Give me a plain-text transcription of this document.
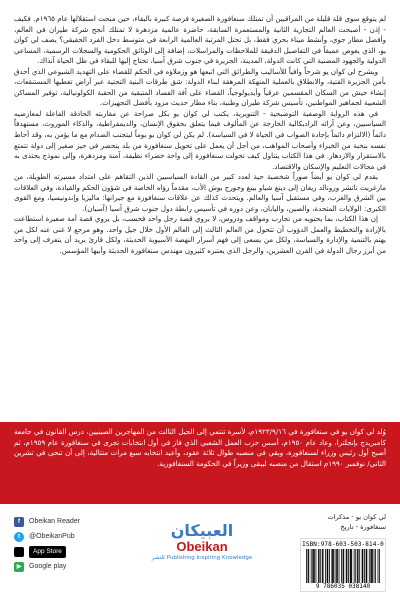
لم يتوقع سوى قلة قليلة من المراقبين أن تمتلك سنغافورة الصغيرة فرصة كبيرة بالبقاء، حين منحت استقلالها عام ١٩٦٥م. فكيف - إذن - أصبحت العالم التجارية الثانية والمستعمرة السابقة، حاضرة عالمية مزدهرة لا تمتلك أنجح شركة طيران في العالم، وأفضل مطار جوي، وأنشط ميناء بحري فقط، بل تحتل المرتبة العالمية الرابعة في متوسط دخل الفرد الحقيقي؟ يصف لي كوان يو، الذي يغوص عميقاً في التفاصيل الدقيقة للملاحظات والمراسلات، إضافة إلى الوثائق الحكومية والسجلات الرسمية، المساعي الدولية والجهود المضنية التي كانت الدولة، المدينة، الجزيرة في جنوب شرق آسيا، تحتاج إليها للبقاء في ظل الحياة آنذاك.

ويشرح لي كوان يو شرحاً وافياً للأساليب والطرائق التي اتبعها هو وزملاؤه في الحكم للقضاء على التهديد الشيوعي الذي أحدق بأمن الجزيرة الفتية، والانطلاق بالعملية المنهكة المرهقة لبناء الدولة: شق طرقات البنية التحتية عبر أراض تغطيها المستنقعات، إنشاء جيش من السكان المقسمين عرقياً وأيديولوجياً، القضاء على آفة الفساد المتبقية من الحقبة الكولونيالية، توفير المساكن الشعبية لجماهير المواطنين، تأسيس شركة طيران وطنية، بناء مطار حديث مزود بأفضل التجهيزات.

في هذه الرواية الوصفية التوضيحية - التنويرية، يكتب لي كوان يو بكل صراحة عن مقاربته الحاذقة الفاعلة لمعارضيه السياسيين، وعن آرائه الراديكالية الخارجة عن المألوف فيما يتعلق بحقوق الإنسان، والديمقراطية، والذكاء الموروث، مستهدفاً دائماً (الالتزام دائماً بإجادة الصواب في الحياة لا في السياسة). لم يكن لي كوان يو يوماً ليتجنب الصدام مع ما يؤمن به، وقد أحاط نفسه بنخبة من الخبراء وأصحاب المواهب، من أجل أن يعمل على تحويل سنغافورة من بلد ينحصر في حيز صغير إلى دولة تتمتع بالاستقرار والازدهار. في هذا الكتاب يتناول كيف تحولت سنغافورة إلى واحة خضراء نظيفة، آمنة ومزدهرة، وإلى نموذج يحتذى به في مجالات التعليم والإسكان والاقتصاد.

يقدم لي كوان يو أيضاً صوراً شخصية حية لعدد كبير من القادة السياسيين الذين التقاهم على امتداد مسيرته الطويلة، من مارغريت تاتشر ورونالد ريغان إلى دينغ شياو بينغ وجورج بوش الأب، مقدماً رؤاه الخاصة في شؤون الحكم والقيادة، وفي العلاقات بين الشرق والغرب، وفي مستقبل آسيا والعالم. ويتحدث كذلك عن علاقات سنغافورة مع جيرانها: ماليزيا وإندونيسيا، ومع القوى الكبرى: الولايات المتحدة، والصين، واليابان، وعن دوره في تأسيس رابطة دول جنوب شرق آسيا (آسيان).

إن هذا الكتاب، بما يحتويه من تجارب ومواقف ودروس، لا يروي قصة رجل واحد فحسب، بل يروي قصة أمة صغيرة استطاعت بالإرادة والتخطيط والعمل الدؤوب أن تتحول من العالم الثالث إلى العالم الأول خلال جيل واحد. وهو مرجع لا غنى عنه لكل من يهتم بالتنمية والإدارة والسياسة، ولكل من يسعى إلى فهم أسرار النهضة الآسيوية الحديثة، ولكل قارئ يريد أن يتعرف إلى واحد من أبرز رجال الدولة في القرن العشرين، والرجل الذي يعتبره كثيرون مهندس سنغافورة الحديثة وأبيها المؤسس.

وُلد لي كوان يو في سنغافورة في ١٩٢٣/٩/١٦م، لأسرة تنتمي إلى الجيل الثالث من المهاجرين الصينيين، درس القانون في جامعة كامبريدج بإنجلترا، وعاد عام ١٩٥٠م، أسس حزب العمل الشعبي الذي فاز في أول انتخابات تجرى في سنغافورة عام ١٩٥٩م، ثم أصبح أول رئيس وزراء لسنغافورة، وبقي في منصبه طوال ثلاثة عقود، وأعيد انتخابه سبع مرات متتالية، إلى أن تنحى في تشرين الثاني/ نوفمبر ١٩٩٠م استقال من منصبه ليبقى وزيراً في الحكومة السنغافورية.
لي كوان يو - مذكرات
سنغافورة - تاريخ
ISBN:978-603-503-814-0
9 786035 038140
العبيكان
Obeikan
للنشر Publishing Inspiring Knowledge
f	Obeikan Reader
t	@ObeikanPub
App Store
▶	Google play
